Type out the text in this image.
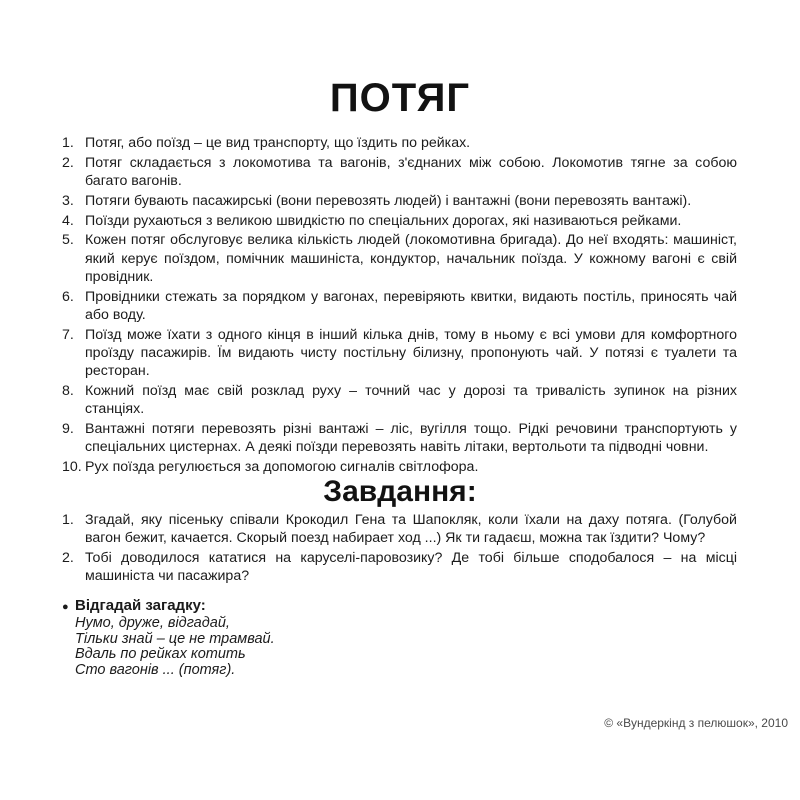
ПОТЯГ
1. Потяг, або поїзд – це вид транспорту, що їздить по рейках.
2. Потяг складається з локомотива та вагонів, з'єднаних між собою. Локомотив тягне за собою багато вагонів.
3. Потяги бувають пасажирські (вони перевозять людей) і вантажні (вони перевозять вантажі).
4. Поїзди рухаються з великою швидкістю по спеціальних дорогах, які називаються рейками.
5. Кожен потяг обслуговує велика кількість людей (локомотивна бригада). До неї входять: машиніст, який керує поїздом, помічник машиніста, кондуктор, начальник поїзда. У кожному вагоні є свій провідник.
6. Провідники стежать за порядком у вагонах, перевіряють квитки, видають постіль, приносять чай або воду.
7. Поїзд може їхати з одного кінця в інший кілька днів, тому в ньому є всі умови для комфортного проїзду пасажирів. Їм видають чисту постільну білизну, пропонують чай. У потязі є туалети та ресторан.
8. Кожний поїзд має свій розклад руху – точний час у дорозі та тривалість зупинок на різних станціях.
9. Вантажні потяги перевозять різні вантажі – ліс, вугілля тощо. Рідкі речовини транспортують у спеціальних цистернах. А деякі поїзди перевозять навіть літаки, вертольоти та підводні човни.
10. Рух поїзда регулюється за допомогою сигналів світлофора.
Завдання:
1. Згадай, яку пісеньку співали Крокодил Гена та Шапокляк, коли їхали на даху потяга. (Голубой вагон бежит, качается. Скорый поезд набирает ход ...) Як ти гадаєш, можна так їздити? Чому?
2. Тобі доводилося кататися на каруселі-паровозику? Де тобі більше сподобалося – на місці машиніста чи пасажира?
● Відгадай загадку:
Нумо, друже, відгадай,
Тільки знай – це не трамвай.
Вдаль по рейках котить
Сто вагонів ... (потяг).
© «Вундеркінд з пелюшок», 2010
